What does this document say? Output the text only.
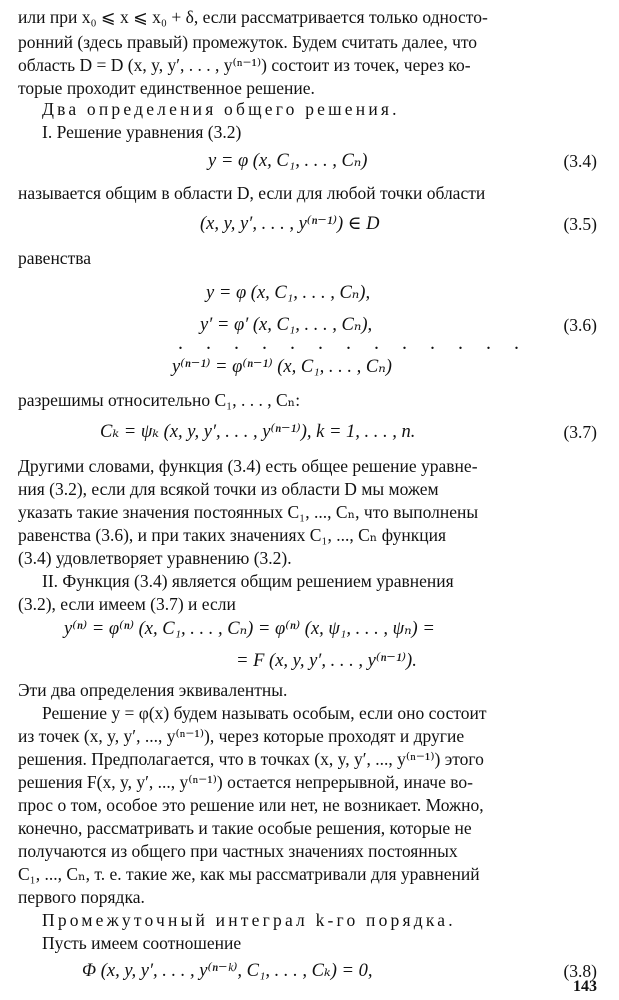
или при x₀ ⩽ x ⩽ x₀ + δ, если рассматривается только односто-
ронний (здесь правый) промежуток. Будем считать далее, что
область D = D (x, y, y′, . . . , y⁽ⁿ⁻¹⁾) состоит из точек, через ко-
торые проходит единственное решение.
Два определения общего решения.
I. Решение уравнения (3.2)
y = φ (x, C₁, . . . , Cₙ)	(3.4)
называется общим в области D, если для любой точки области
(x, y, y′, . . . , y⁽ⁿ⁻¹⁾) ∈ D	(3.5)
равенства
y = φ (x, C₁, . . . , Cₙ),
y′ = φ′ (x, C₁, . . . , Cₙ),	(3.6)
. . . . . . . . . . . . .
y⁽ⁿ⁻¹⁾ = φ⁽ⁿ⁻¹⁾ (x, C₁, . . . , Cₙ)
разрешимы относительно C₁, . . . , Cₙ:
Cₖ = ψₖ (x, y, y′, . . . , y⁽ⁿ⁻¹⁾), k = 1, . . . , n.	(3.7)
Другими словами, функция (3.4) есть общее решение уравне-
ния (3.2), если для всякой точки из области D мы можем
указать такие значения постоянных C₁, ..., Cₙ, что выполнены
равенства (3.6), и при таких значениях C₁, ..., Cₙ функция
(3.4) удовлетворяет уравнению (3.2).
II. Функция (3.4) является общим решением уравнения
(3.2), если имеем (3.7) и если
y⁽ⁿ⁾ = φ⁽ⁿ⁾ (x, C₁, . . . , Cₙ) = φ⁽ⁿ⁾ (x, ψ₁, . . . , ψₙ) =
= F (x, y, y′, . . . , y⁽ⁿ⁻¹⁾).
Эти два определения эквивалентны.
Решение y = φ(x) будем называть особым, если оно состоит
из точек (x, y, y′, ..., y⁽ⁿ⁻¹⁾), через которые проходят и другие
решения. Предполагается, что в точках (x, y, y′, ..., y⁽ⁿ⁻¹⁾) этого
решения F(x, y, y′, ..., y⁽ⁿ⁻¹⁾) остается непрерывной, иначе во-
прос о том, особое это решение или нет, не возникает. Можно,
конечно, рассматривать и такие особые решения, которые не
получаются из общего при частных значениях постоянных
C₁, ..., Cₙ, т. е. такие же, как мы рассматривали для уравнений
первого порядка.
Промежуточный интеграл k-го порядка.
Пусть имеем соотношение
Φ (x, y, y′, . . . , y⁽ⁿ⁻ᵏ⁾, C₁, . . . , Cₖ) = 0,	(3.8)
143
